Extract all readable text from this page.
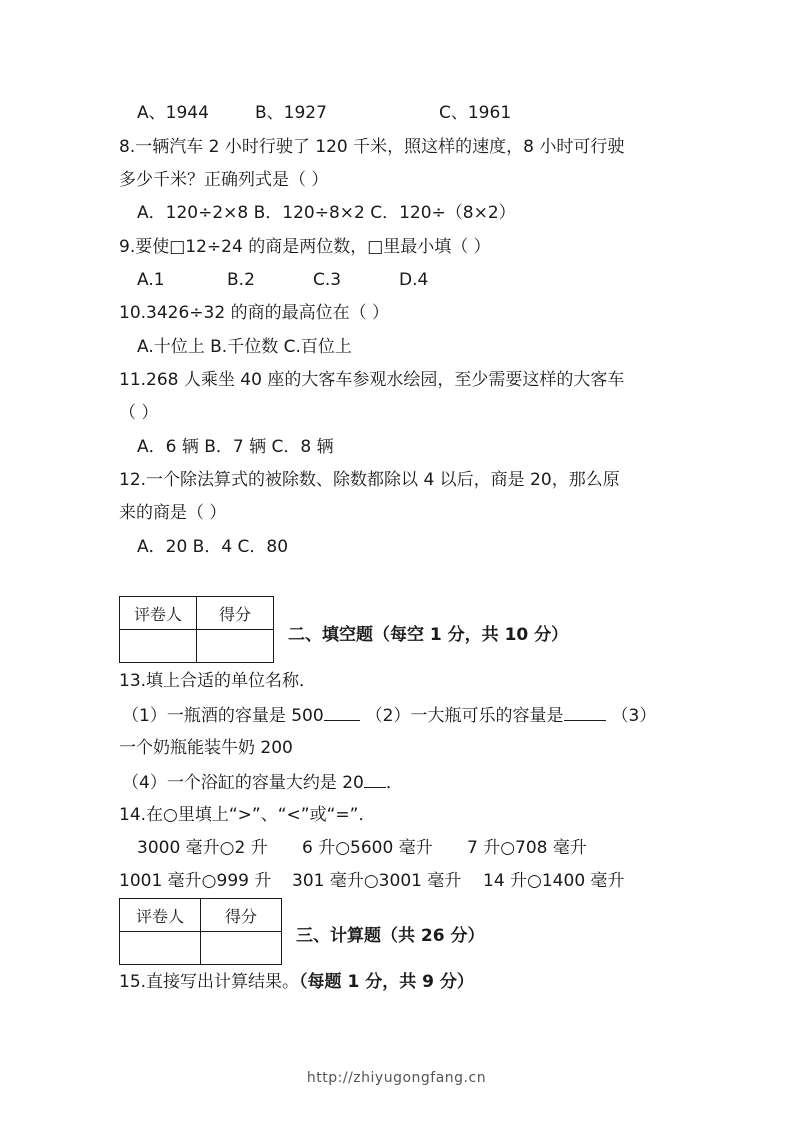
A、1944	B、1927	C、1961
8.一辆汽车 2 小时行驶了 120 千米，照这样的速度，8 小时可行驶
多少千米？正确列式是（ ）
A．120÷2×8 B．120÷8×2 C．120÷（8×2）
9.要使□12÷24 的商是两位数，□里最小填（ ）
A.1	B.2	C.3	D.4
10.3426÷32 的商的最高位在（ ）
A.十位上 B.千位数 C.百位上
11.268 人乘坐 40 座的大客车参观水绘园，至少需要这样的大客车
（ ）
A．6 辆 B．7 辆 C．8 辆
12.一个除法算式的被除数、除数都除以 4 以后，商是 20，那么原
来的商是（ ）
A．20 B．4 C．80
评卷人	得分

二、填空题（每空 1 分，共 10 分）
13.填上合适的单位名称．
（1）一瓶酒的容量是 500 （2）一大瓶可乐的容量是	（3）
一个奶瓶能装牛奶 200
（4）一个浴缸的容量大约是 20 ．
14.在○里填上“>”、“<”或“=”．
3000 毫升○2 升 6 升○5600 毫升 7 升○708 毫升
1001 毫升○999 升 301 毫升○3001 毫升 14 升○1400 毫升
评卷人	得分

三、计算题（共 26 分）
15.直接写出计算结果。（每题 1 分，共 9 分）
http://zhiyugongfang.cn
